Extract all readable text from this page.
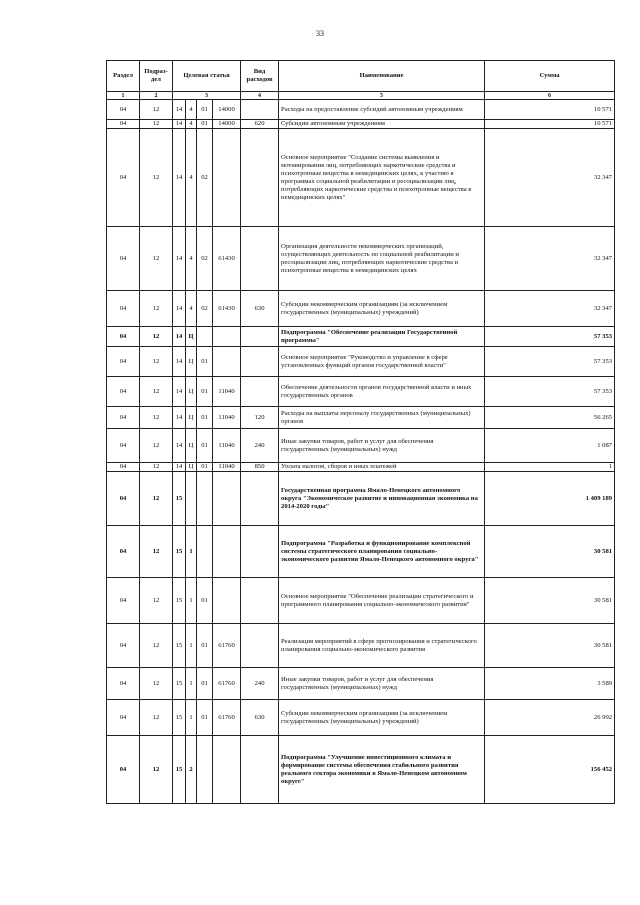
33
Раздел	Подраз-дел	Целевая статья				Вид расходов	Наименование	Сумма
1	2	3				4	5	6
04	12	14	4	01	14000		Расходы на предоставление субсидий автономным учреждениям	10 571
04	12	14	4	01	14000	620	Субсидии автономным учреждениям	10 571
04	12	14	4	02			Основное мероприятие "Создание системы выявления и мотивирования лиц, потребляющих наркотические средства и психотропные вещества в немедицинских целях, к участию в программах социальной реабилитации и ресоциализации лиц, потребляющих наркотические средства и психотропные вещества в немедицинских целях"	32 347
04	12	14	4	02	61430		Организация деятельности некоммерческих организаций, осуществляющих деятельность по социальной реабилитации и ресоциализации лиц, потребляющих наркотические средства и психотропные вещества в немедицинских целях	32 347
04	12	14	4	02	61430	630	Субсидии некоммерческим организациям (за исключением государственных (муниципальных) учреждений)	32 347
04	12	14	Ц				Подпрограмма "Обеспечение реализации Государственной программы"	57 353
04	12	14	Ц	01			Основное мероприятие "Руководство и управление в сфере установленных функций органов государственной власти"	57 353
04	12	14	Ц	01	11040		Обеспечение деятельности органов государственной власти и иных государственных органов	57 353
04	12	14	Ц	01	11040	120	Расходы на выплаты персоналу государственных (муниципальных) органов	56 265
04	12	14	Ц	01	11040	240	Иные закупки товаров, работ и услуг для обеспечения государственных (муниципальных) нужд	1 087
04	12	14	Ц	01	11040	850	Уплата налогов, сборов и иных платежей	1
04	12	15					Государственная программа Ямало-Ненецкого автономного округа "Экономическое развитие и инновационная экономика на 2014-2020 годы"	1 409 189
04	12	15	1				Подпрограмма "Разработка и функционирование комплексной системы стратегического планирования социально-экономического развития Ямало-Ненецкого автономного округа"	30 581
04	12	15	1	01			Основное мероприятие "Обеспечение реализации стратегического и программного планирования социально-экономического развития"	30 581
04	12	15	1	01	61760		Реализация мероприятий в сфере прогнозирования и стратегического планирования социально-экономического развития	30 581
04	12	15	1	01	61760	240	Иные закупки товаров, работ и услуг для обеспечения государственных (муниципальных) нужд	3 589
04	12	15	1	01	61760	630	Субсидии некоммерческим организациям (за исключением государственных (муниципальных) учреждений)	26 992
04	12	15	2				Подпрограмма "Улучшение инвестиционного климата и формирование системы обеспечения стабильного развития реального сектора экономики в Ямало-Ненецком автономном округе"	156 452
